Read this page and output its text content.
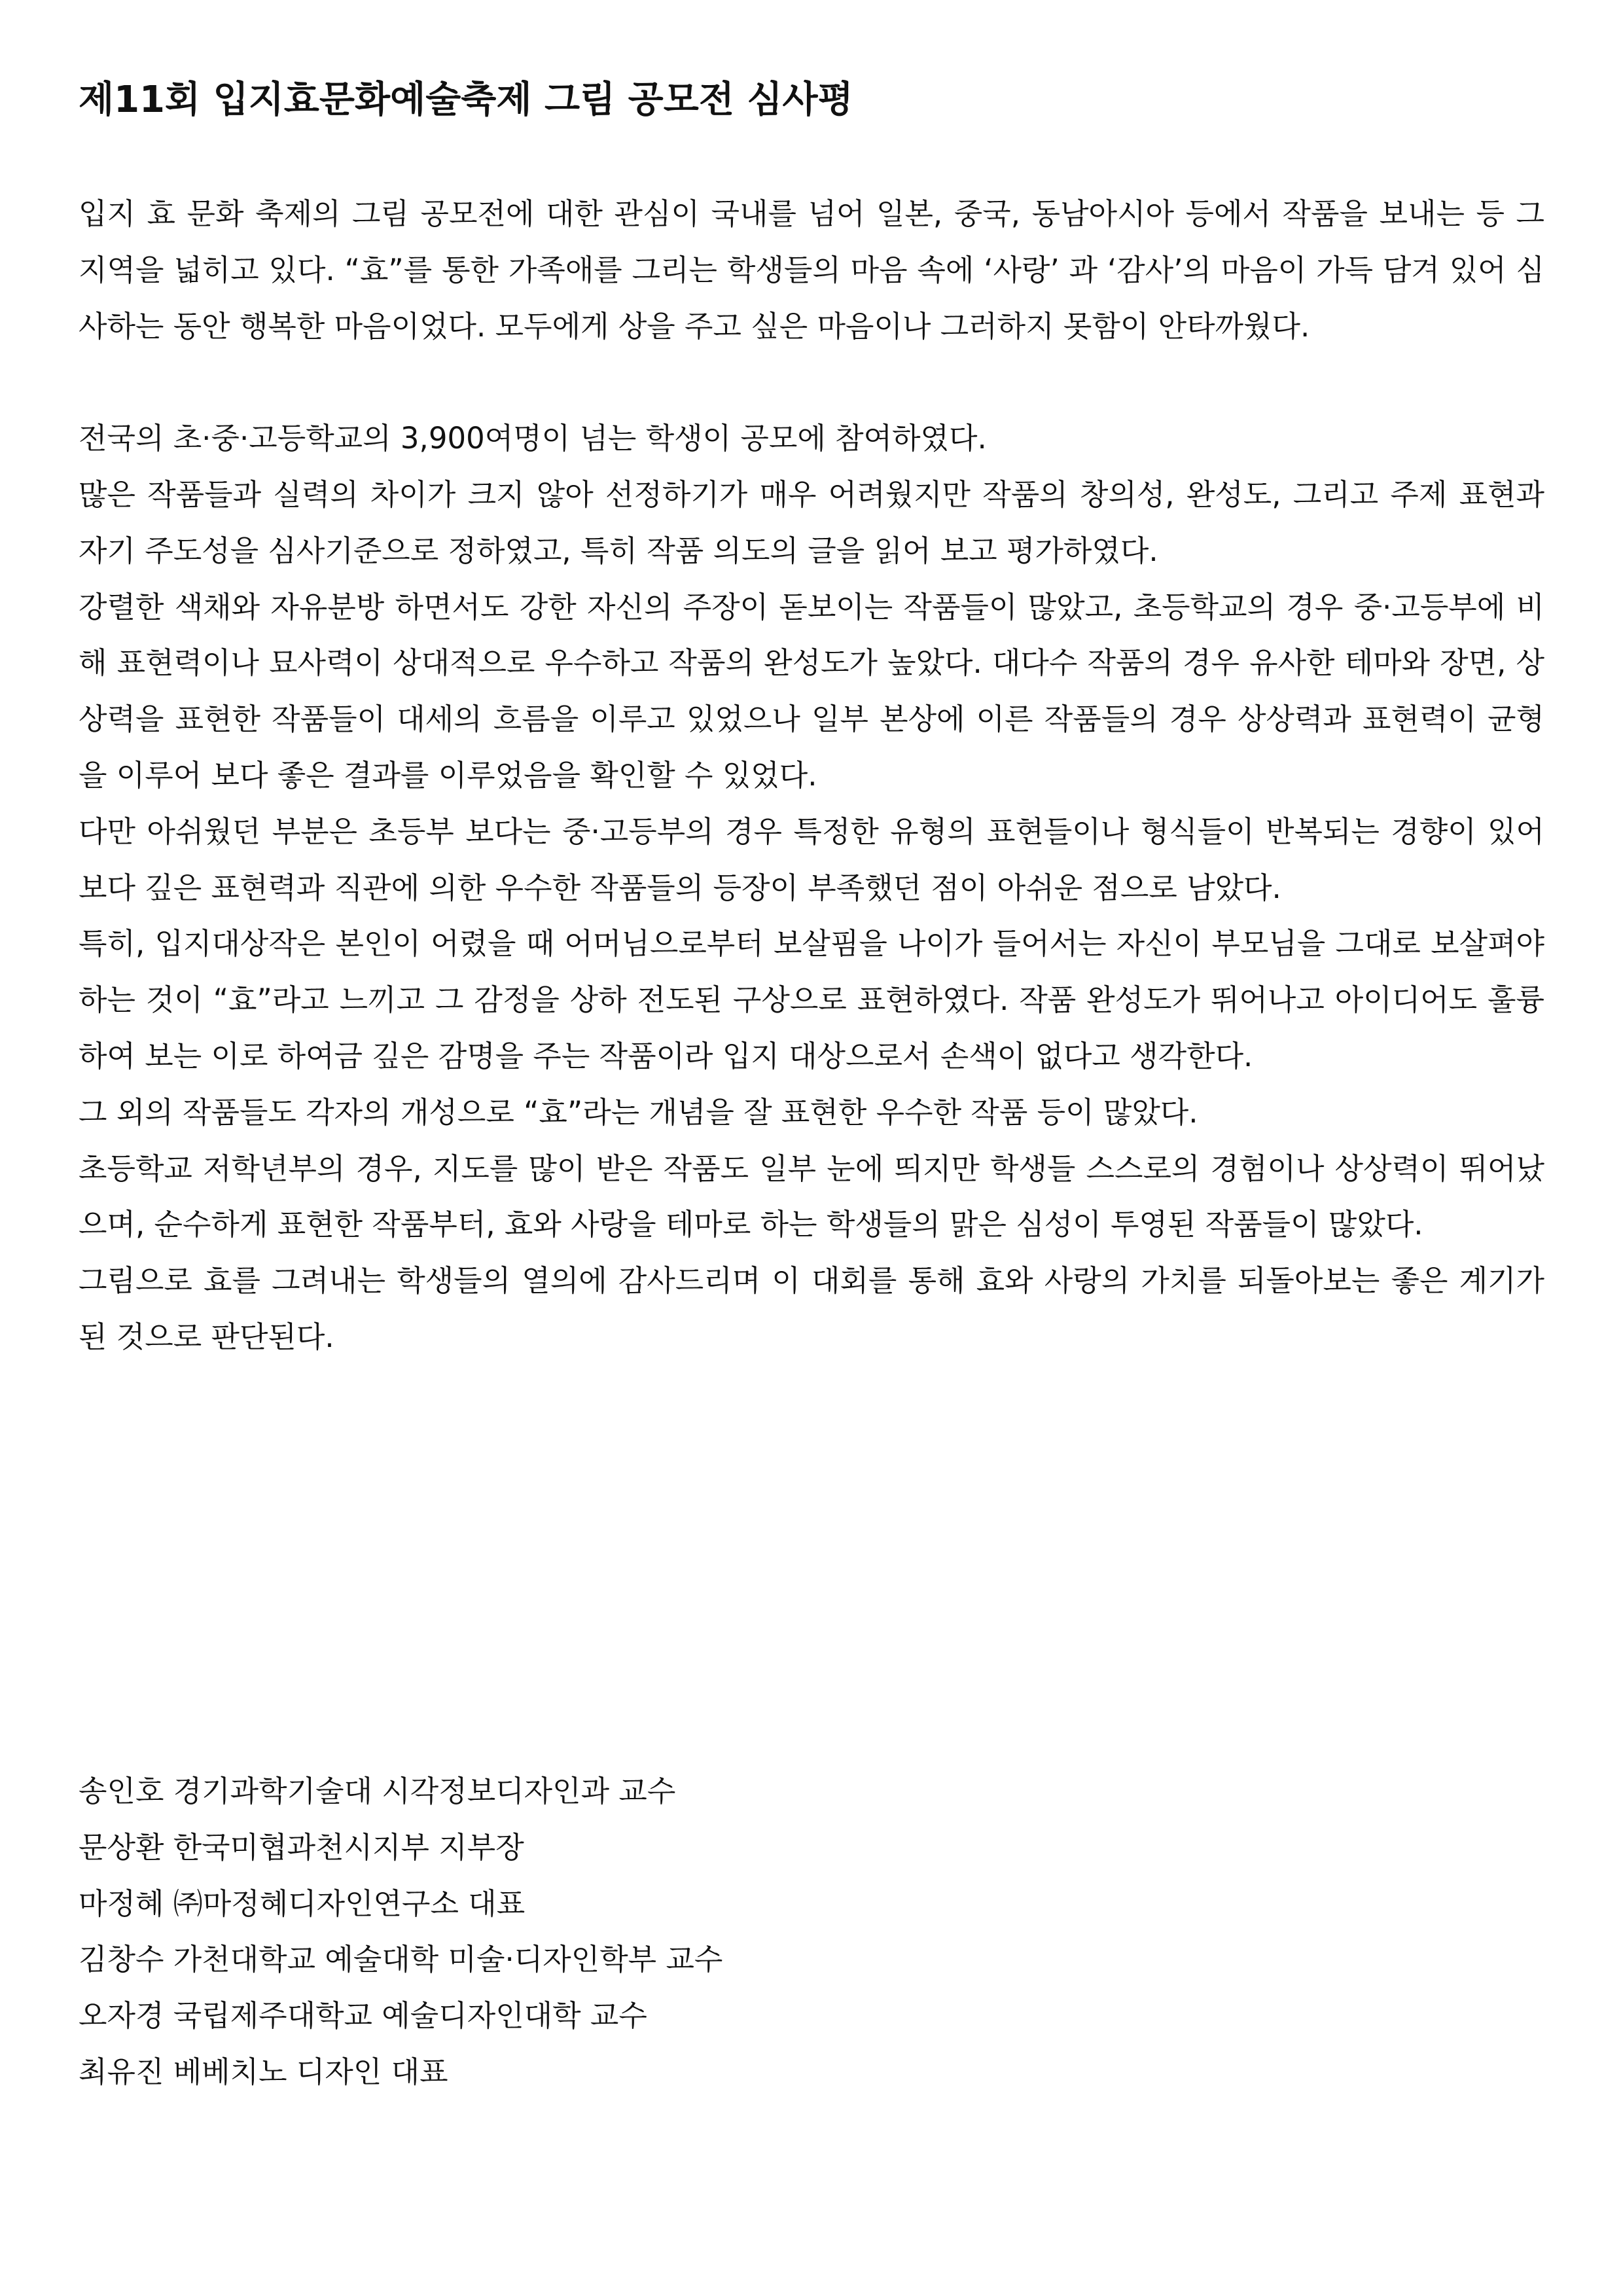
제11회 입지효문화예술축제 그림 공모전 심사평

입지 효 문화 축제의 그림 공모전에 대한 관심이 국내를 넘어 일본, 중국, 동남아시아 등에서 작품을 보내는 등 그 지역을 넓히고 있다. “효”를 통한 가족애를 그리는 학생들의 마음 속에 ‘사랑’ 과 ‘감사’의 마음이 가득 담겨 있어 심사하는 동안 행복한 마음이었다. 모두에게 상을 주고 싶은 마음이나 그러하지 못함이 안타까웠다.

전국의 초·중·고등학교의 3,900여명이 넘는 학생이 공모에 참여하였다.

많은 작품들과 실력의 차이가 크지 않아 선정하기가 매우 어려웠지만 작품의 창의성, 완성도, 그리고 주제 표현과 자기 주도성을 심사기준으로 정하였고, 특히 작품 의도의 글을 읽어 보고 평가하였다.

강렬한 색채와 자유분방 하면서도 강한 자신의 주장이 돋보이는 작품들이 많았고, 초등학교의 경우 중·고등부에 비해 표현력이나 묘사력이 상대적으로 우수하고 작품의 완성도가 높았다. 대다수 작품의 경우 유사한 테마와 장면, 상상력을 표현한 작품들이 대세의 흐름을 이루고 있었으나 일부 본상에 이른 작품들의 경우 상상력과 표현력이 균형을 이루어 보다 좋은 결과를 이루었음을 확인할 수 있었다.

다만 아쉬웠던 부분은 초등부 보다는 중·고등부의 경우 특정한 유형의 표현들이나 형식들이 반복되는 경향이 있어 보다 깊은 표현력과 직관에 의한 우수한 작품들의 등장이 부족했던 점이 아쉬운 점으로 남았다.

특히, 입지대상작은 본인이 어렸을 때 어머님으로부터 보살핌을 나이가 들어서는 자신이 부모님을 그대로 보살펴야 하는 것이 “효”라고 느끼고 그 감정을 상하 전도된 구상으로 표현하였다. 작품 완성도가 뛰어나고 아이디어도 훌륭하여 보는 이로 하여금 깊은 감명을 주는 작품이라 입지 대상으로서 손색이 없다고 생각한다.

그 외의 작품들도 각자의 개성으로 “효”라는 개념을 잘 표현한 우수한 작품 등이 많았다.

초등학교 저학년부의 경우, 지도를 많이 받은 작품도 일부 눈에 띄지만 학생들 스스로의 경험이나 상상력이 뛰어났으며, 순수하게 표현한 작품부터, 효와 사랑을 테마로 하는 학생들의 맑은 심성이 투영된 작품들이 많았다.

그림으로 효를 그려내는 학생들의 열의에 감사드리며 이 대회를 통해 효와 사랑의 가치를 되돌아보는 좋은 계기가 된 것으로 판단된다.

송인호 경기과학기술대 시각정보디자인과 교수
문상환 한국미협과천시지부 지부장
마정혜 ㈜마정혜디자인연구소 대표
김창수 가천대학교 예술대학 미술·디자인학부 교수
오자경 국립제주대학교 예술디자인대학 교수
최유진 베베치노 디자인 대표
